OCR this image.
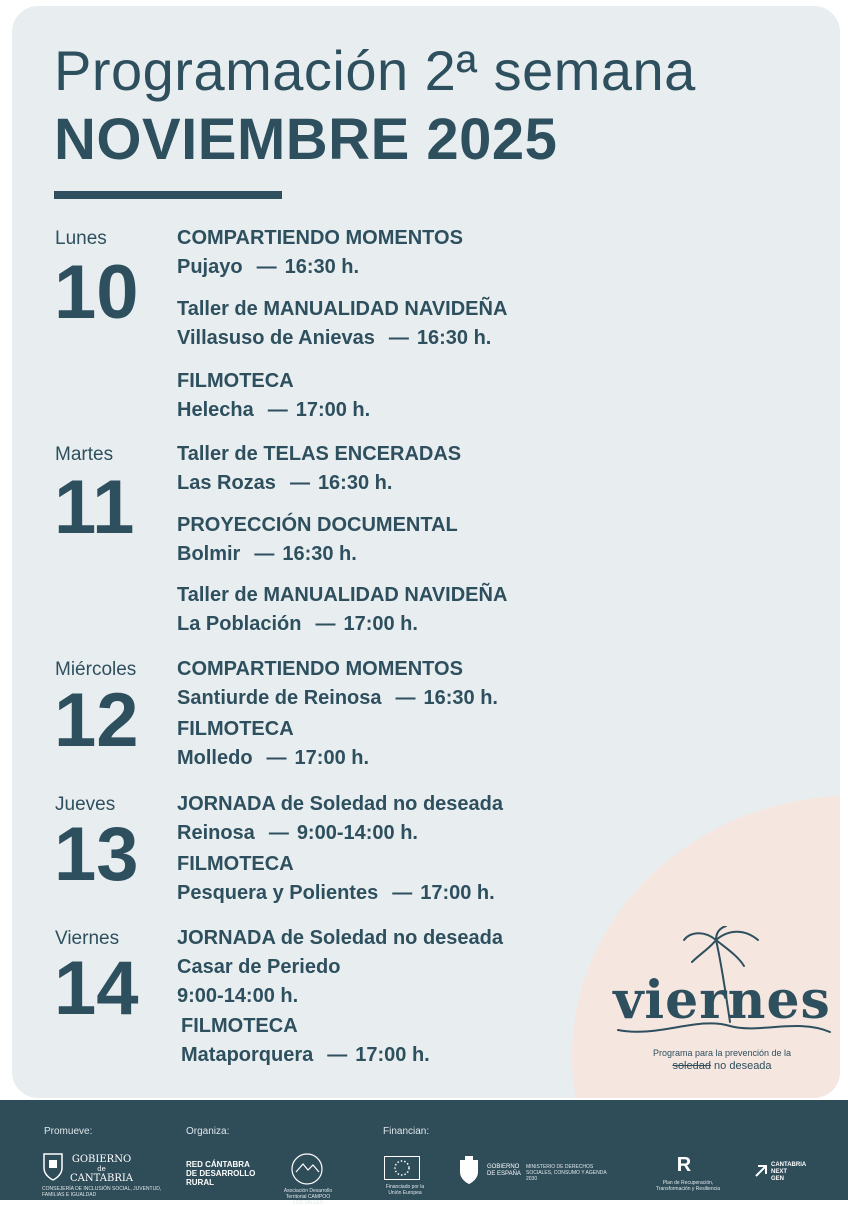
Programación 2ª semana
NOVIEMBRE 2025
Lunes
10
COMPARTIENDO MOMENTOS
Pujayo — 16:30 h.
Taller de MANUALIDAD NAVIDEÑA
Villasuso de Anievas — 16:30 h.
FILMOTECA
Helecha — 17:00 h.
Martes
11
Taller de TELAS ENCERADAS
Las Rozas — 16:30 h.
PROYECCIÓN DOCUMENTAL
Bolmir — 16:30 h.
Taller de MANUALIDAD NAVIDEÑA
La Población — 17:00 h.
Miércoles
12
COMPARTIENDO MOMENTOS
Santiurde de Reinosa — 16:30 h.
FILMOTECA
Molledo — 17:00 h.
Jueves
13
JORNADA de Soledad no deseada
Reinosa — 9:00-14:00 h.
FILMOTECA
Pesquera y Polientes — 17:00 h.
Viernes
14
JORNADA de Soledad no deseada
Casar de Periedo
9:00-14:00 h.
FILMOTECA
Mataporquera — 17:00 h.
viernes
Programa para la prevención de la
soledad no deseada
Promueve:	Organiza:	Financian:
GOBIERNO
de
CANTABRIA
CONSEJERÍA DE INCLUSIÓN SOCIAL, JUVENTUD, FAMILIAS E IGUALDAD
RED CÁNTABRA
DE DESARROLLO
RURAL
Asociación Desarrollo Territorial CAMPOO LOS VALLES
Financiado por la Unión Europea
GOBIERNO
DE ESPAÑA
MINISTERIO DE DERECHOS SOCIALES, CONSUMO Y AGENDA 2030
R
Plan de Recuperación,
Transformación y Resiliencia
CANTABRIA
NEXT
GEN
